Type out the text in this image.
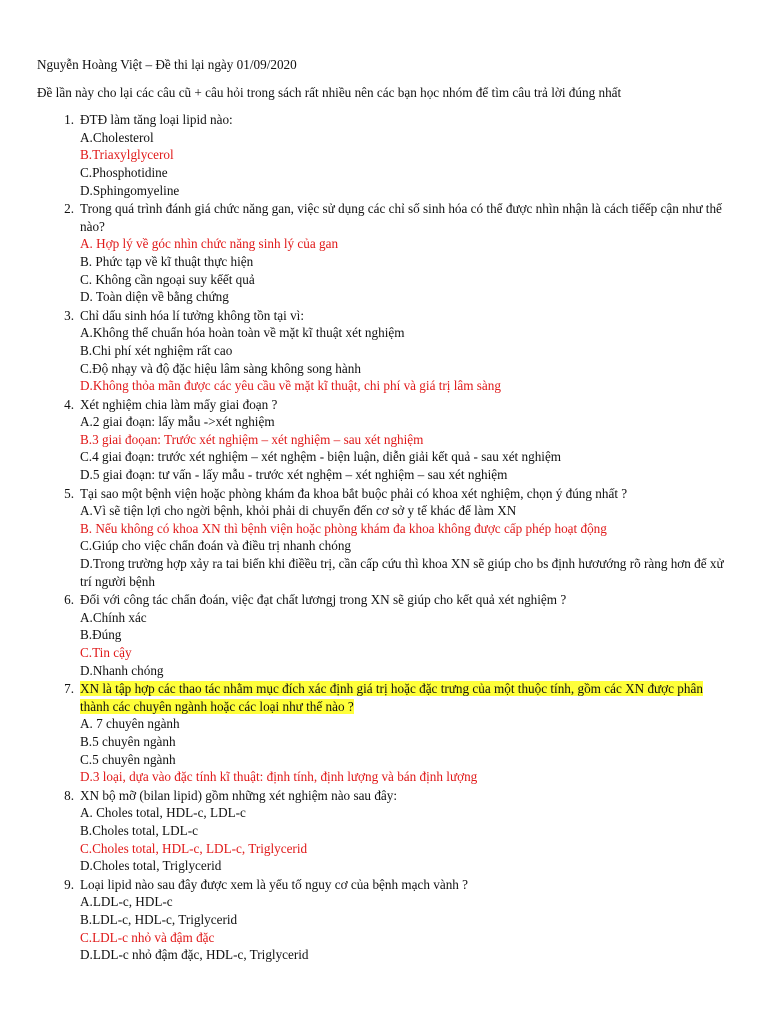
Nguyễn Hoàng Việt – Đề thi lại ngày 01/09/2020
Đề lần này cho lại các câu cũ + câu hỏi trong sách rất nhiều nên các bạn học nhóm để tìm câu trả lời đúng nhất
1. ĐTĐ làm tăng loại lipid nào:
A.Cholesterol
B.Triaxylglycerol
C.Phosphotidine
D.Sphingomyeline
2. Trong quá trình đánh giá chức năng gan, việc sử dụng các chỉ số sinh hóa có thể được nhìn nhận là cách tiếếp cận như thế nào?
A. Hợp lý về góc nhìn chức năng sinh lý của gan
B. Phức tạp về kĩ thuật thực hiện
C. Không cần ngoại suy kếết quả
D. Toàn diện về bằng chứng
3. Chỉ dấu sinh hóa lí tưởng không tồn tại vì:
A.Không thể chuẩn hóa hoàn toàn về mặt kĩ thuật xét nghiệm
B.Chi phí xét nghiệm rất cao
C.Độ nhạy và độ đặc hiệu lâm sàng không song hành
D.Không thỏa mãn được các yêu cầu về mặt kĩ thuật, chi phí và giá trị lâm sàng
4. Xét nghiệm chia làm mấy giai đoạn ?
A.2 giai đoạn: lấy mẫu ->xét nghiệm
B.3 giai đoọan: Trước xét nghiệm – xét nghiệm – sau xét nghiệm
C.4 giai đoạn: trước xét nghiệm – xét nghệm - biện luận, diễn giải kết quả - sau xét nghiệm
D.5 giai đoạn: tư vấn - lấy mẫu - trước xét nghệm – xét nghiệm – sau xét nghiệm
5. Tại sao một bệnh viện hoặc phòng khám đa khoa bắt buộc phải có khoa xét nghiệm, chọn ý đúng nhất ?
A.Vì sẽ tiện lợi cho ngời bệnh, khỏi phải di chuyển đến cơ sở y tế khác để làm XN
B. Nếu không có khoa XN thì bệnh viện hoặc phòng khám đa khoa không được cấp phép hoạt động
C.Giúp cho việc chẩn đoán và điều trị nhanh chóng
D.Trong trường hợp xảy ra tai biến khi điềều trị, cần cấp cứu thì khoa XN sẽ giúp cho bs định hươướng rõ ràng hơn để xử trí người bệnh
6. Đối với công tác chẩn đoán, việc đạt chất lươngj trong XN sẽ giúp cho kết quả xét nghiệm ?
A.Chính xác
B.Đúng
C.Tin cậy
D.Nhanh chóng
7. XN là tập hợp các thao tác nhằm mục đích xác định giá trị hoặc đặc trưng của một thuộc tính, gồm các XN được phân thành các chuyên ngành hoặc các loại như thế nào ?
A. 7 chuyên ngành
B.5 chuyên ngành
C.5 chuyên ngành
D.3 loại, dựa vào đặc tính kĩ thuật: định tính, định lượng và bán định lượng
8. XN bộ mỡ (bilan lipid) gồm những xét nghiệm nào sau đây:
A. Choles total, HDL-c, LDL-c
B.Choles total, LDL-c
C.Choles total, HDL-c, LDL-c, Triglycerid
D.Choles total, Triglycerid
9. Loại lipid nào sau đây được xem là yếu tố nguy cơ của bệnh mạch vành ?
A.LDL-c, HDL-c
B.LDL-c, HDL-c, Triglycerid
C.LDL-c nhỏ và đậm đặc
D.LDL-c nhỏ đậm đặc, HDL-c, Triglycerid
